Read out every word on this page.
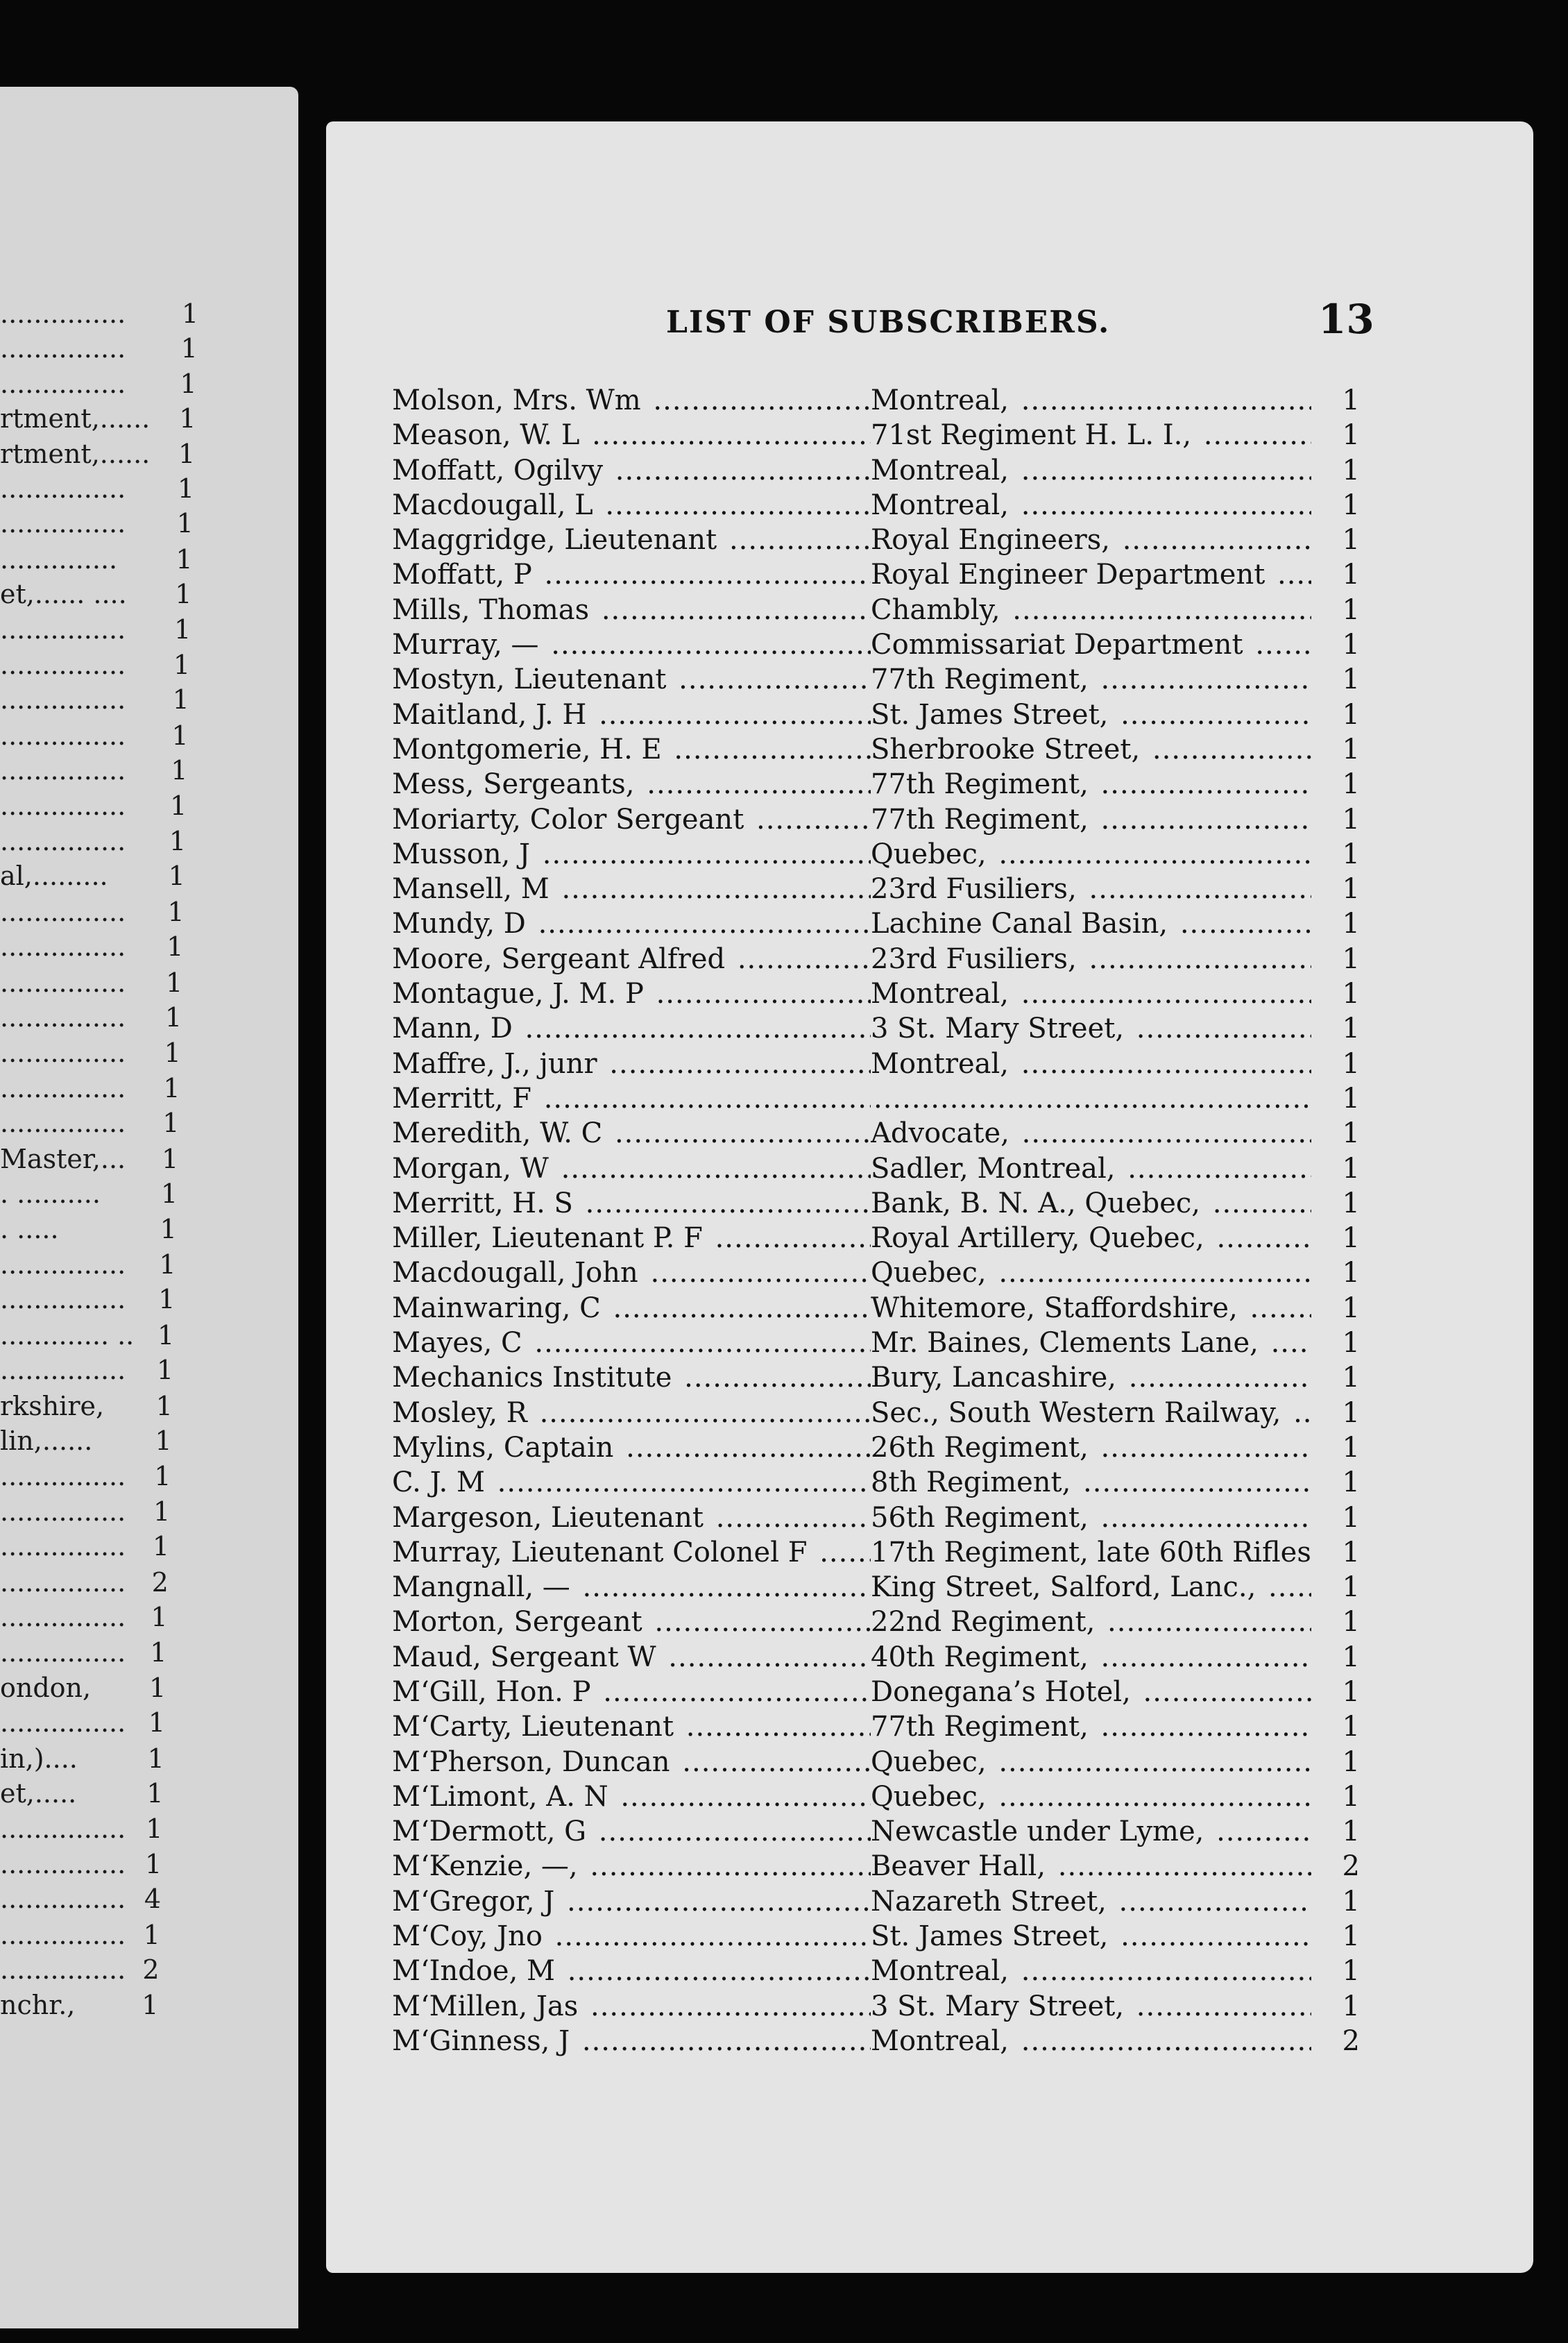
............... 1
............... 1
............... 1
rtment,...... 1
rtment,...... 1
............... 1
............... 1
.............. 1
et,...... .... 1
............... 1
............... 1
............... 1
............... 1
............... 1
............... 1
............... 1
al,......... 1
............... 1
............... 1
............... 1
............... 1
............... 1
............... 1
............... 1
Master,... 1
. .......... 1
. .....	1
............... 1
............... 1
............. .. 1
............... 1
rkshire, 1
lin,...... 1
............... 1
............... 1
............... 1
............... 2
............... 1
............... 1
ondon, 1
............... 1
in,)....	1
et,.....	1
............... 1
............... 1
............... 4
............... 1
............... 2
nchr.,	1
LIST OF SUBSCRIBERS.	13
Molson, Mrs. Wm .....	Montreal, .....	1
Meason, W. L .....	71st Regiment H. L. I., .....	1
Moffatt, Ogilvy .....	Montreal, .....	1
Macdougall, L .....	Montreal, .....	1
Maggridge, Lieutenant .....	Royal Engineers, .....	1
Moffatt, P .....	Royal Engineer Department .....	1
Mills, Thomas .....	Chambly, .....	1
Murray, — .....	Commissariat Department .....	1
Mostyn, Lieutenant .....	77th Regiment, .....	1
Maitland, J. H .....	St. James Street, .....	1
Montgomerie, H. E .....	Sherbrooke Street, .....	1
Mess, Sergeants, .....	77th Regiment, .....	1
Moriarty, Color Sergeant .....	77th Regiment, .....	1
Musson, J .....	Quebec, .....	1
Mansell, M .....	23rd Fusiliers, .....	1
Mundy, D .....	Lachine Canal Basin, .....	1
Moore, Sergeant Alfred .....	23rd Fusiliers, .....	1
Montague, J. M. P .....	Montreal, .....	1
Mann, D .....	3 St. Mary Street, .....	1
Maffre, J., junr .....	Montreal, .....	1
Merritt, F ..... .....	1
Meredith, W. C .....	Advocate, .....	1
Morgan, W .....	Sadler, Montreal, .....	1
Merritt, H. S .....	Bank, B. N. A., Quebec, .....	1
Miller, Lieutenant P. F .....	Royal Artillery, Quebec, .....	1
Macdougall, John .....	Quebec, .....	1
Mainwaring, C .....	Whitemore, Staffordshire, .....	1
Mayes, C .....	Mr. Baines, Clements Lane, .....	1
Mechanics Institute .....	Bury, Lancashire, .....	1
Mosley, R .....	Sec., South Western Railway, .....	1
Mylins, Captain .....	26th Regiment, .....	1
C. J. M .....	8th Regiment, .....	1
Margeson, Lieutenant .....	56th Regiment, .....	1
Murray, Lieutenant Colonel F .....	17th Regiment, late 60th Rifles .....	1
Mangnall, — .....	King Street, Salford, Lanc., .....	1
Morton, Sergeant .....	22nd Regiment, .....	1
Maud, Sergeant W .....	40th Regiment, .....	1
M‘Gill, Hon. P .....	Donegana’s Hotel, .....	1
M‘Carty, Lieutenant .....	77th Regiment, .....	1
M‘Pherson, Duncan .....	Quebec, .....	1
M‘Limont, A. N .....	Quebec, .....	1
M‘Dermott, G .....	Newcastle under Lyme, .....	1
M‘Kenzie, —, .....	Beaver Hall, .....	2
M‘Gregor, J .....	Nazareth Street, .....	1
M‘Coy, Jno .....	St. James Street, .....	1
M‘Indoe, M .....	Montreal, .....	1
M‘Millen, Jas .....	3 St. Mary Street, .....	1
M‘Ginness, J .....	Montreal, .....	2
